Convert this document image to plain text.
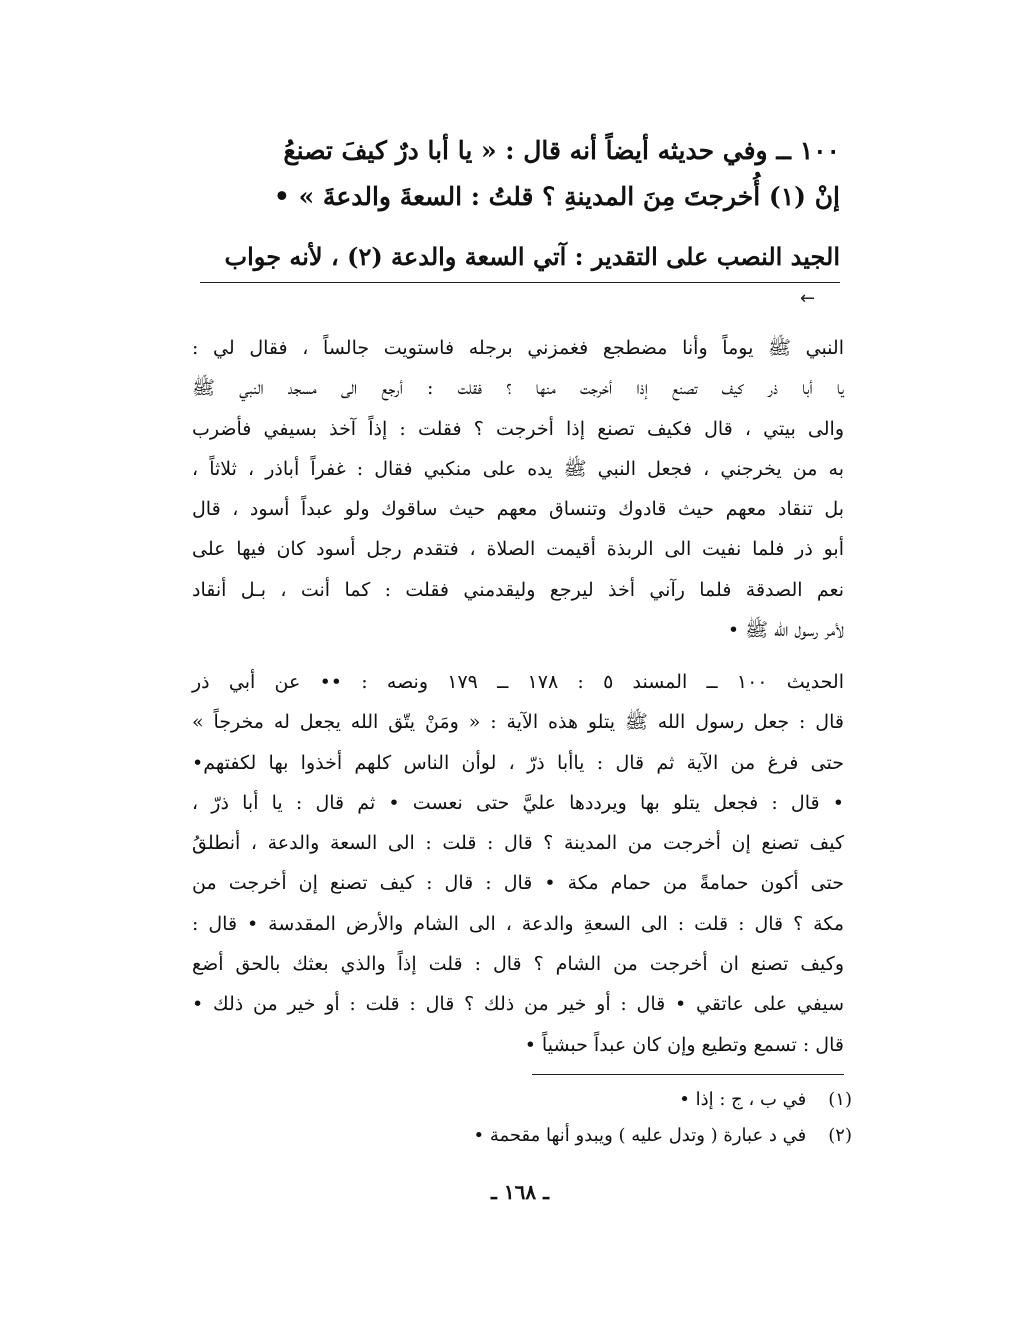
١٠٠ ــ وفي حديثه أيضاً أنه قال : « يا أبا درٌ كيفَ تصنعُ

إنْ (١) أُخرجتَ مِنَ المدينةِ ؟ قلتُ : السعةَ والدعةَ » •

الجيد النصب على التقدير : آتي السعة والدعة (٢) ، لأنه جواب

←
النبي ﷺ يوماً وأنا مضطجع فغمزني برجله فاستويت جالساً ، فقال لي :
يا أبا ذر كيف تصنع إذا أخرجت منها ؟ فقلت : أرجع الى مسجد النبي ﷺ
والى بيتي ، قال فكيف تصنع إذا أخرجت ؟ فقلت : إذاً آخذ بسيفي فأضرب
به من يخرجني ، فجعل النبي ﷺ يده على منكبي فقال : غفراً أباذر ، ثلاثاً ،
بل تنقاد معهم حيث قادوك وتنساق معهم حيث ساقوك ولو عبداً أسود ، قال
أبو ذر فلما نفيت الى الربذة أقيمت الصلاة ، فتقدم رجل أسود كان فيها على
نعم الصدقة فلما رآني أخذ ليرجع وليقدمني فقلت : كما أنت ، بـل أنقاد
لأمر رسول الله ﷺ •
الحديث ١٠٠ ــ المسند ٥ : ١٧٨ ــ ١٧٩ ونصه : •• عن أبي ذر
قال : جعل رسول الله ﷺ يتلو هذه الآية : « ومَنْ يتّق الله يجعل له مخرجاً »
حتى فرغ من الآية ثم قال : ياأبا ذرّ ، لوأن الناس كلهم أخذوا بها لكفتهم•
• قال : فجعل يتلو بها ويرددها عليَّ حتى نعست • ثم قال : يا أبا ذرّ ،
كيف تصنع إن أخرجت من المدينة ؟ قال : قلت : الى السعة والدعة ، أنطلقُ
حتى أكون حمامةً من حمام مكة • قال : قال : كيف تصنع إن أخرجت من
مكة ؟ قال : قلت : الى السعةِ والدعة ، الى الشام والأرض المقدسة • قال :
وكيف تصنع ان أخرجت من الشام ؟ قال : قلت إذاً والذي بعثك بالحق أضع
سيفي على عاتقي • قال : أو خير من ذلك ؟ قال : قلت : أو خير من ذلك •
قال : تسمع وتطيع وإن كان عبداً حبشياً •
(١) في ب ، ج : إذا •
(٢) في د عبارة ( وتدل عليه ) ويبدو أنها مقحمة •
ـ ١٦٨ ـ
